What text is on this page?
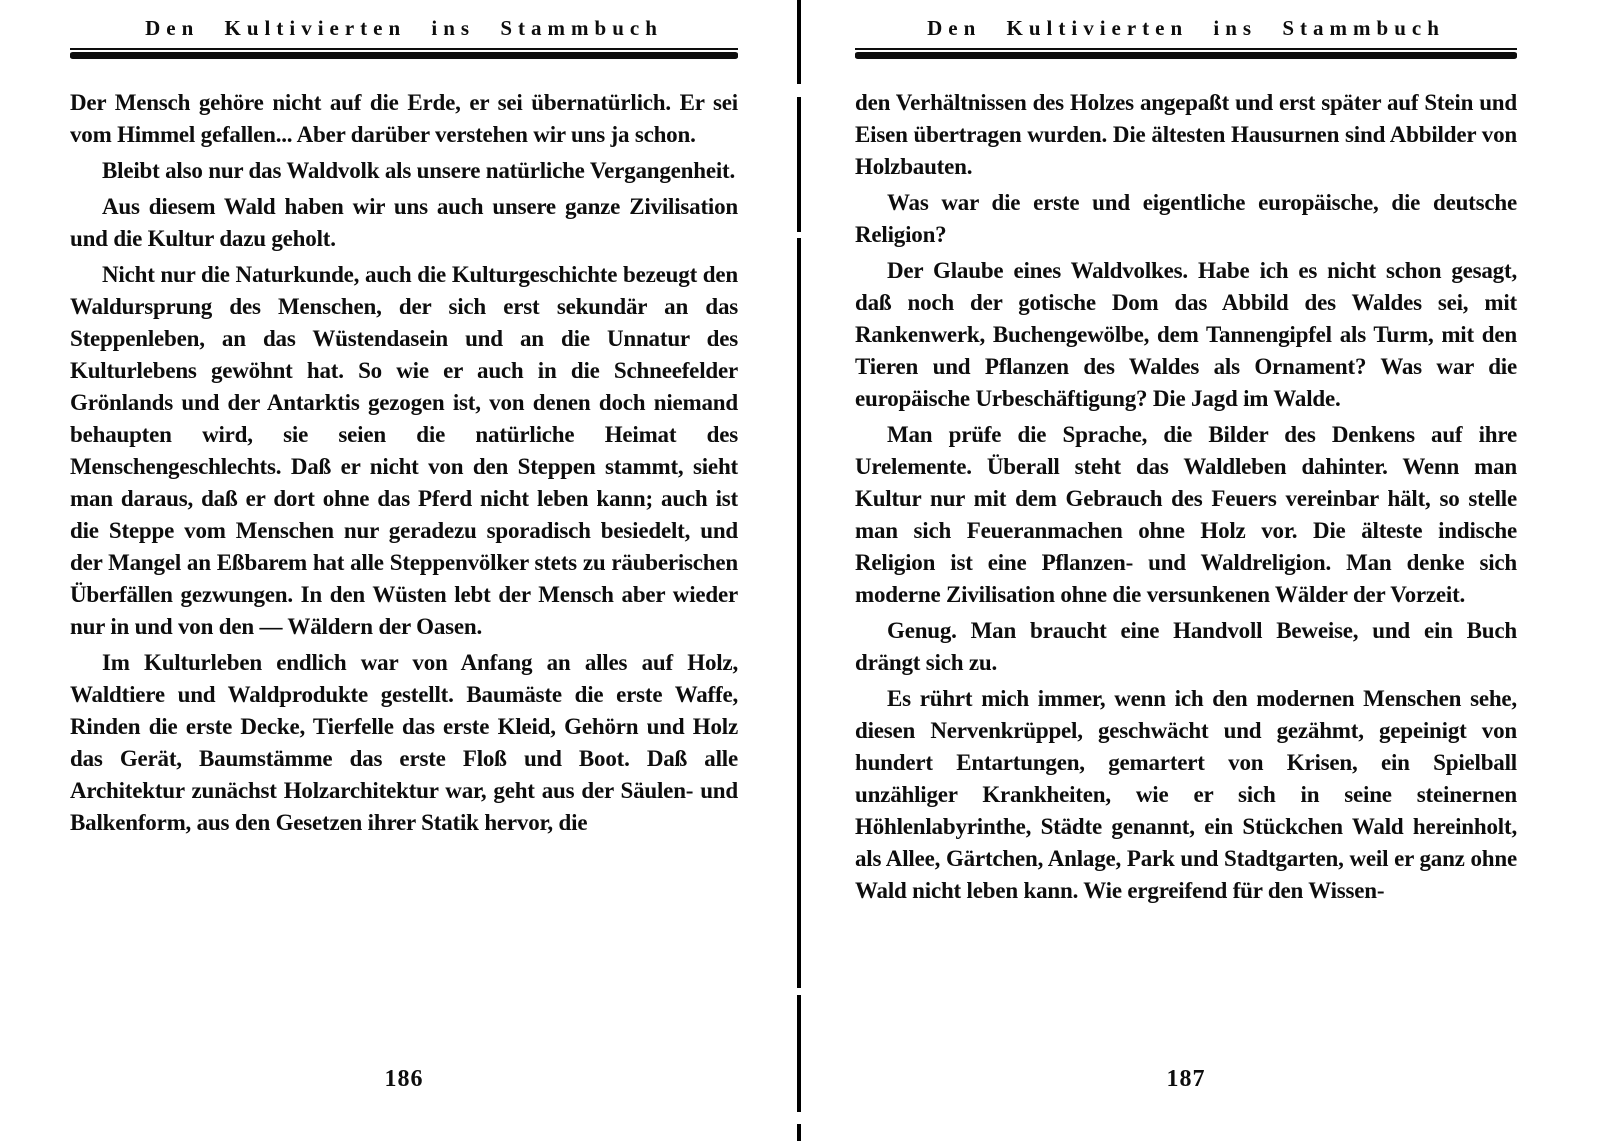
Den Kultivierten ins Stammbuch

Der Mensch gehöre nicht auf die Erde, er sei übernatürlich. Er sei vom Himmel gefallen... Aber darüber verstehen wir uns ja schon.

Bleibt also nur das Waldvolk als unsere natürliche Vergangenheit.

Aus diesem Wald haben wir uns auch unsere ganze Zivilisation und die Kultur dazu geholt.

Nicht nur die Naturkunde, auch die Kulturgeschichte bezeugt den Waldursprung des Menschen, der sich erst sekundär an das Steppenleben, an das Wüstendasein und an die Unnatur des Kulturlebens gewöhnt hat. So wie er auch in die Schneefelder Grönlands und der Antarktis gezogen ist, von denen doch niemand behaupten wird, sie seien die natürliche Heimat des Menschengeschlechts. Daß er nicht von den Steppen stammt, sieht man daraus, daß er dort ohne das Pferd nicht leben kann; auch ist die Steppe vom Menschen nur geradezu sporadisch besiedelt, und der Mangel an Eßbarem hat alle Steppenvölker stets zu räuberischen Überfällen gezwungen. In den Wüsten lebt der Mensch aber wieder nur in und von den — Wäldern der Oasen.

Im Kulturleben endlich war von Anfang an alles auf Holz, Waldtiere und Waldprodukte gestellt. Baumäste die erste Waffe, Rinden die erste Decke, Tierfelle das erste Kleid, Gehörn und Holz das Gerät, Baumstämme das erste Floß und Boot. Daß alle Architektur zunächst Holzarchitektur war, geht aus der Säulen- und Balkenform, aus den Gesetzen ihrer Statik hervor, die

186
Den Kultivierten ins Stammbuch

den Verhältnissen des Holzes angepaßt und erst später auf Stein und Eisen übertragen wurden. Die ältesten Hausurnen sind Abbilder von Holzbauten.

Was war die erste und eigentliche europäische, die deutsche Religion?

Der Glaube eines Waldvolkes. Habe ich es nicht schon gesagt, daß noch der gotische Dom das Abbild des Waldes sei, mit Rankenwerk, Buchengewölbe, dem Tannengipfel als Turm, mit den Tieren und Pflanzen des Waldes als Ornament? Was war die europäische Urbeschäftigung? Die Jagd im Walde.

Man prüfe die Sprache, die Bilder des Denkens auf ihre Urelemente. Überall steht das Waldleben dahinter. Wenn man Kultur nur mit dem Gebrauch des Feuers vereinbar hält, so stelle man sich Feueranmachen ohne Holz vor. Die älteste indische Religion ist eine Pflanzen- und Waldreligion. Man denke sich moderne Zivilisation ohne die versunkenen Wälder der Vorzeit.

Genug. Man braucht eine Handvoll Beweise, und ein Buch drängt sich zu.

Es rührt mich immer, wenn ich den modernen Menschen sehe, diesen Nervenkrüppel, geschwächt und gezähmt, gepeinigt von hundert Entartungen, gemartert von Krisen, ein Spielball unzähliger Krankheiten, wie er sich in seine steinernen Höhlenlabyrinthe, Städte genannt, ein Stückchen Wald hereinholt, als Allee, Gärtchen, Anlage, Park und Stadtgarten, weil er ganz ohne Wald nicht leben kann. Wie ergreifend für den Wissen-

187
